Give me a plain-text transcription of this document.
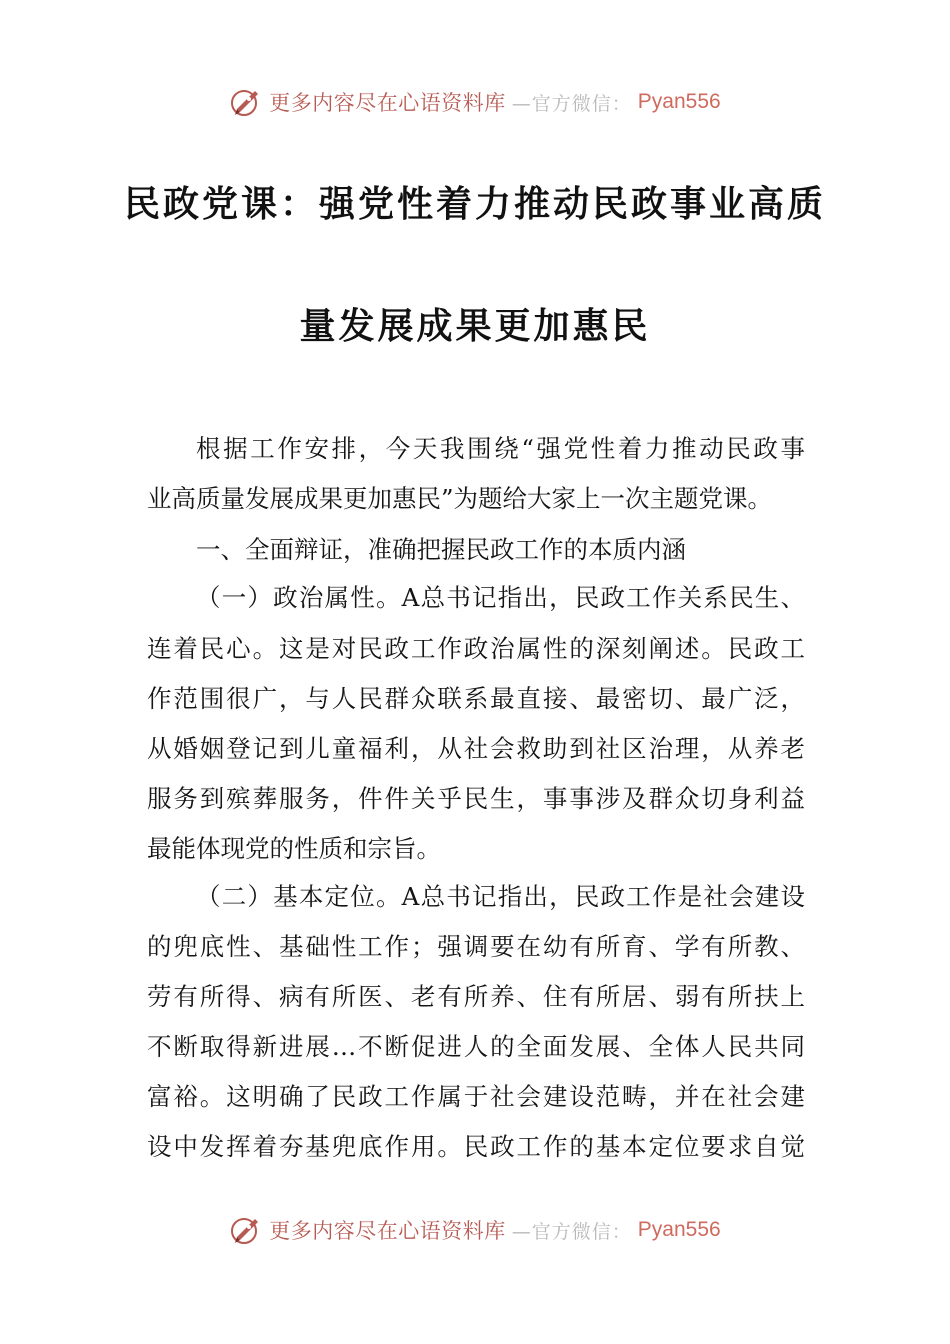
更多内容尽在心语资料库 —官方微信： Pyan556
民政党课：强党性着力推动民政事业高质
量发展成果更加惠民
根据工作安排，今天我围绕“强党性着力推动民政事
业高质量发展成果更加惠民”为题给大家上一次主题党课。
一、全面辩证，准确把握民政工作的本质内涵
（一）政治属性。A总书记指出，民政工作关系民生、
连着民心。这是对民政工作政治属性的深刻阐述。民政工
作范围很广，与人民群众联系最直接、最密切、最广泛，
从婚姻登记到儿童福利，从社会救助到社区治理，从养老
服务到殡葬服务，件件关乎民生，事事涉及群众切身利益
最能体现党的性质和宗旨。
（二）基本定位。A总书记指出，民政工作是社会建设
的兜底性、基础性工作；强调要在幼有所育、学有所教、
劳有所得、病有所医、老有所养、住有所居、弱有所扶上
不断取得新进展…不断促进人的全面发展、全体人民共同
富裕。这明确了民政工作属于社会建设范畴，并在社会建
设中发挥着夯基兜底作用。民政工作的基本定位要求自觉
更多内容尽在心语资料库 —官方微信： Pyan556
